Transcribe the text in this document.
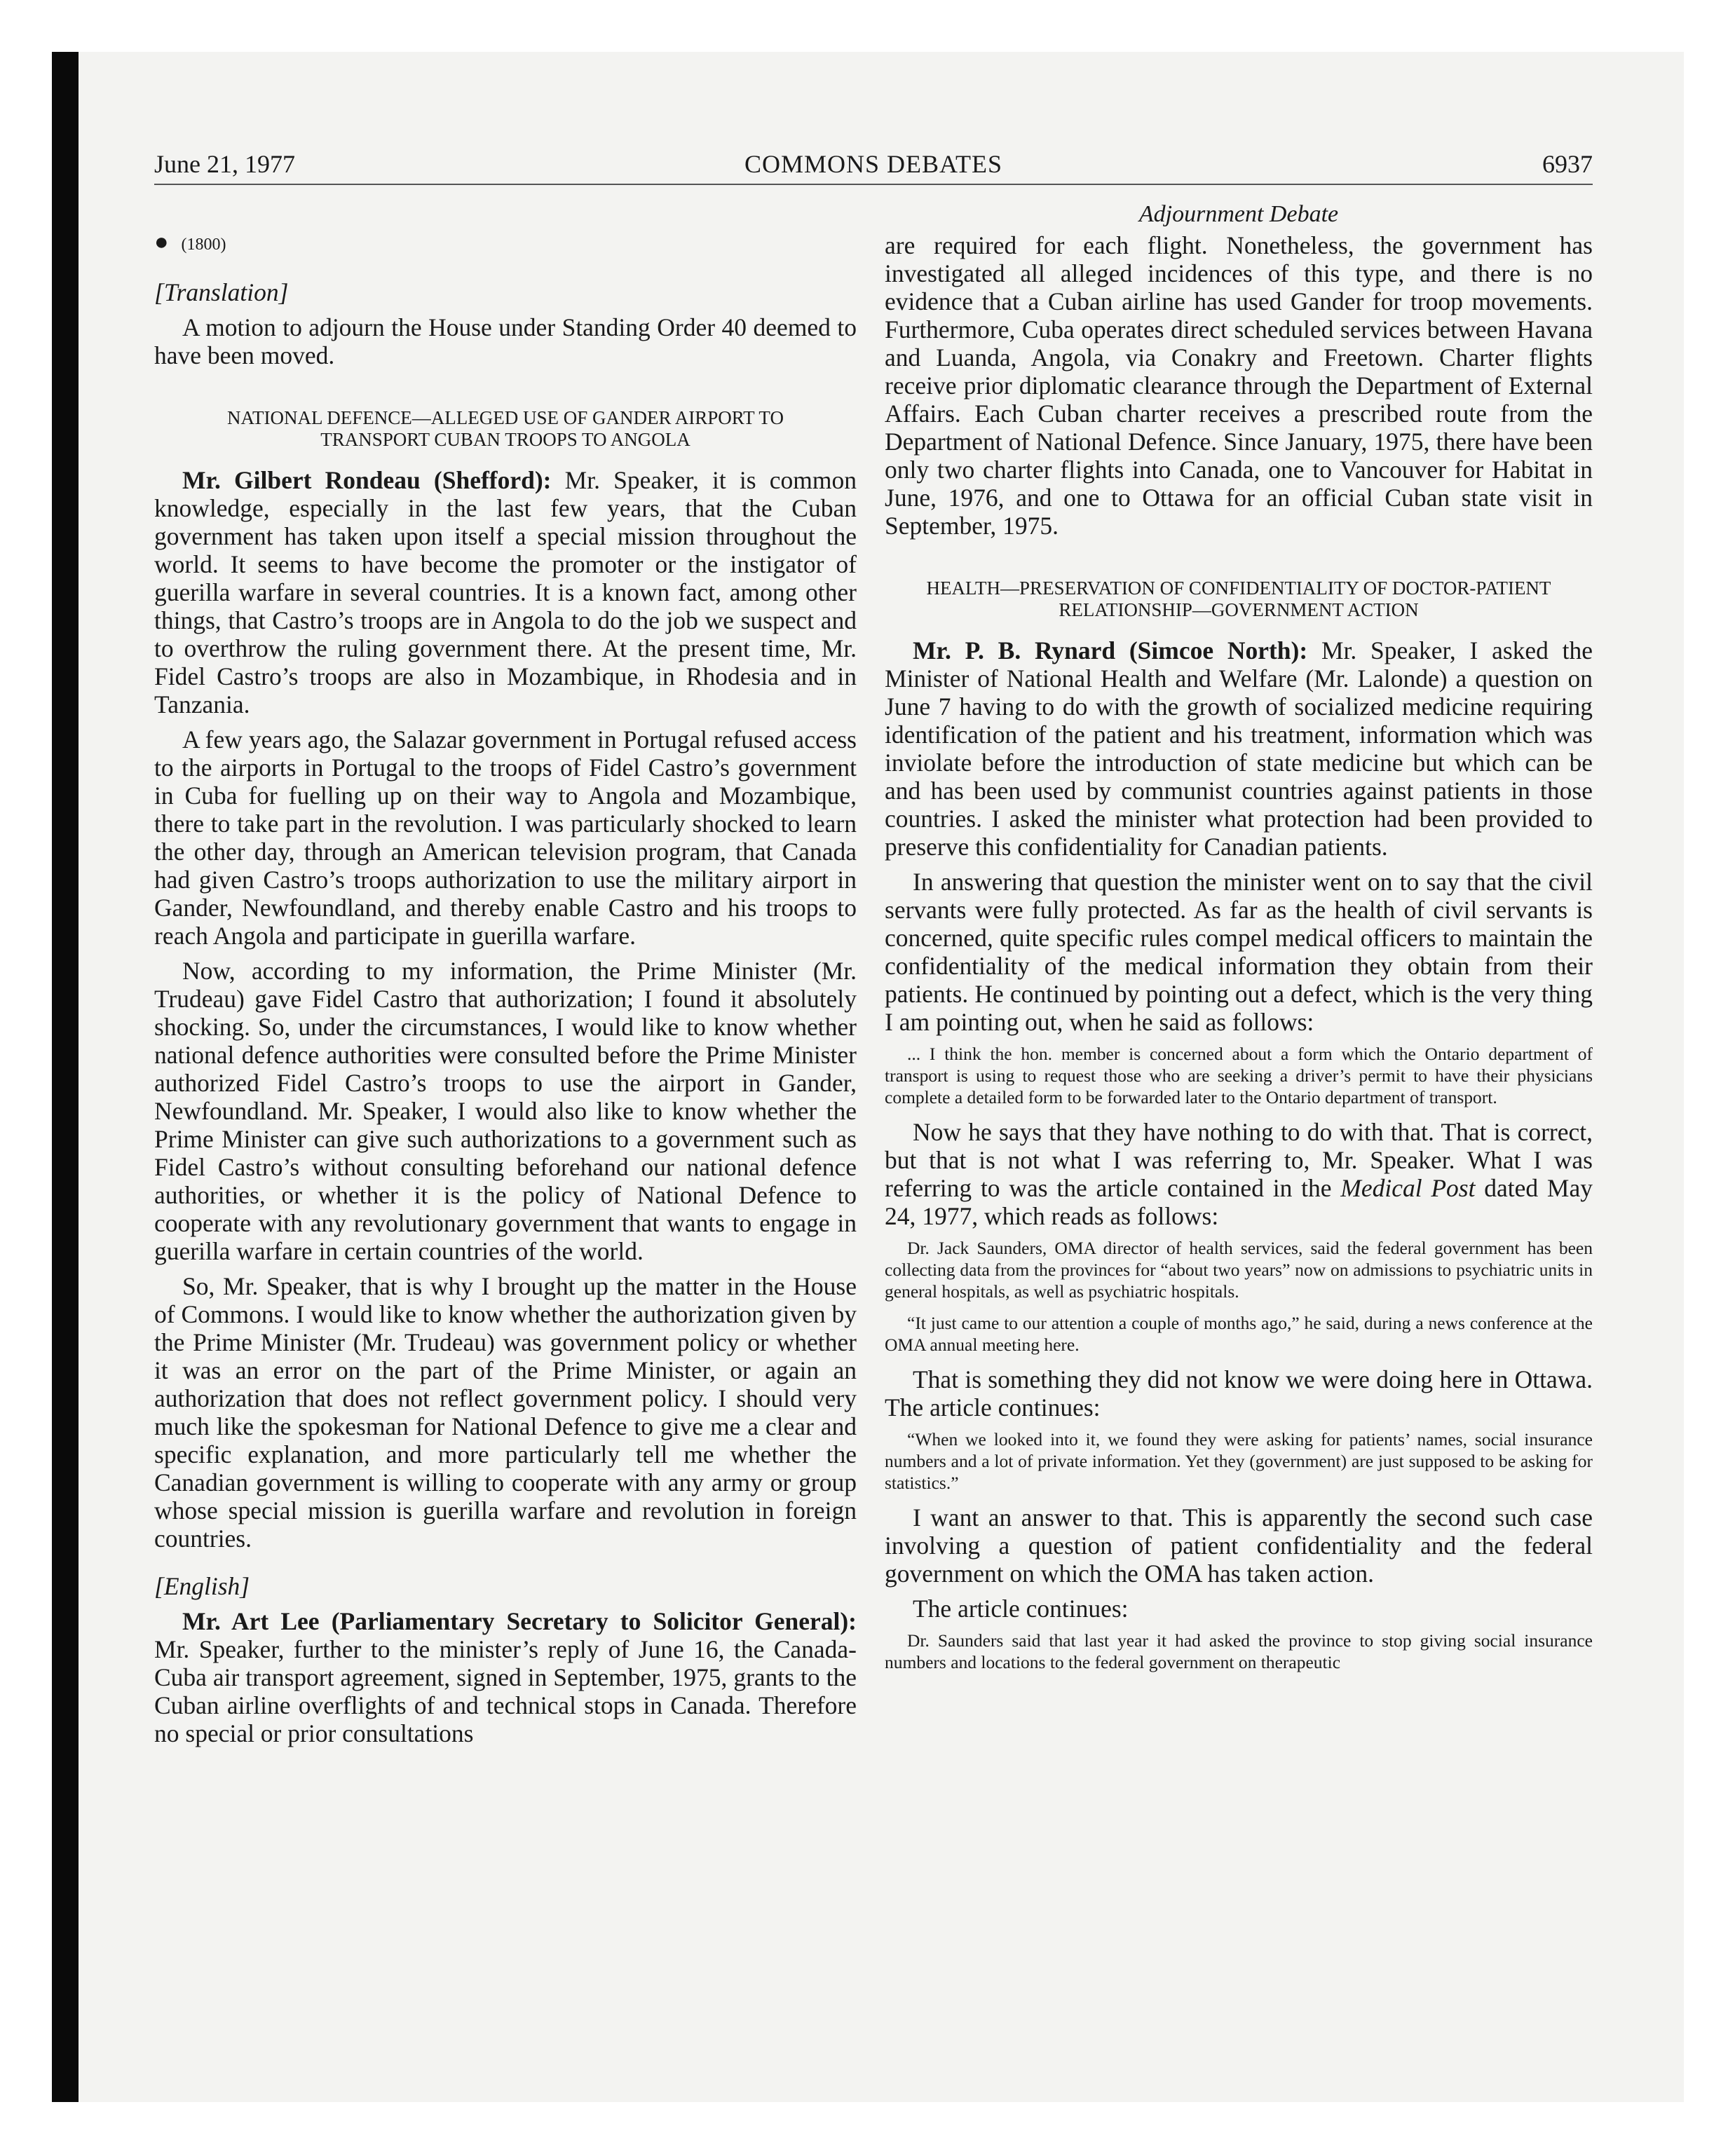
June 21, 1977	COMMONS DEBATES	6937
● (1800)
[Translation]

A motion to adjourn the House under Standing Order 40 deemed to have been moved.

NATIONAL DEFENCE—ALLEGED USE OF GANDER AIRPORT TO TRANSPORT CUBAN TROOPS TO ANGOLA

Mr. Gilbert Rondeau (Shefford): Mr. Speaker, it is common knowledge, especially in the last few years, that the Cuban government has taken upon itself a special mission throughout the world. It seems to have become the promoter or the instigator of guerilla warfare in several countries. It is a known fact, among other things, that Castro’s troops are in Angola to do the job we suspect and to overthrow the ruling government there. At the present time, Mr. Fidel Castro’s troops are also in Mozambique, in Rhodesia and in Tanzania.

A few years ago, the Salazar government in Portugal refused access to the airports in Portugal to the troops of Fidel Castro’s government in Cuba for fuelling up on their way to Angola and Mozambique, there to take part in the revolution. I was particularly shocked to learn the other day, through an American television program, that Canada had given Castro’s troops authorization to use the military airport in Gander, Newfoundland, and thereby enable Castro and his troops to reach Angola and participate in guerilla warfare.

Now, according to my information, the Prime Minister (Mr. Trudeau) gave Fidel Castro that authorization; I found it absolutely shocking. So, under the circumstances, I would like to know whether national defence authorities were consulted before the Prime Minister authorized Fidel Castro’s troops to use the airport in Gander, Newfoundland. Mr. Speaker, I would also like to know whether the Prime Minister can give such authorizations to a government such as Fidel Castro’s without consulting beforehand our national defence authorities, or whether it is the policy of National Defence to cooperate with any revolutionary government that wants to engage in guerilla warfare in certain countries of the world.

So, Mr. Speaker, that is why I brought up the matter in the House of Commons. I would like to know whether the authorization given by the Prime Minister (Mr. Trudeau) was government policy or whether it was an error on the part of the Prime Minister, or again an authorization that does not reflect government policy. I should very much like the spokesman for National Defence to give me a clear and specific explanation, and more particularly tell me whether the Canadian government is willing to cooperate with any army or group whose special mission is guerilla warfare and revolution in foreign countries.

[English]

Mr. Art Lee (Parliamentary Secretary to Solicitor General): Mr. Speaker, further to the minister’s reply of June 16, the Canada-Cuba air transport agreement, signed in September, 1975, grants to the Cuban airline overflights of and technical stops in Canada. Therefore no special or prior consultations

Adjournment Debate

are required for each flight. Nonetheless, the government has investigated all alleged incidences of this type, and there is no evidence that a Cuban airline has used Gander for troop movements. Furthermore, Cuba operates direct scheduled services between Havana and Luanda, Angola, via Conakry and Freetown. Charter flights receive prior diplomatic clearance through the Department of External Affairs. Each Cuban charter receives a prescribed route from the Department of National Defence. Since January, 1975, there have been only two charter flights into Canada, one to Vancouver for Habitat in June, 1976, and one to Ottawa for an official Cuban state visit in September, 1975.

HEALTH—PRESERVATION OF CONFIDENTIALITY OF DOCTOR-PATIENT RELATIONSHIP—GOVERNMENT ACTION

Mr. P. B. Rynard (Simcoe North): Mr. Speaker, I asked the Minister of National Health and Welfare (Mr. Lalonde) a question on June 7 having to do with the growth of socialized medicine requiring identification of the patient and his treatment, information which was inviolate before the introduction of state medicine but which can be and has been used by communist countries against patients in those countries. I asked the minister what protection had been provided to preserve this confidentiality for Canadian patients.

In answering that question the minister went on to say that the civil servants were fully protected. As far as the health of civil servants is concerned, quite specific rules compel medical officers to maintain the confidentiality of the medical information they obtain from their patients. He continued by pointing out a defect, which is the very thing I am pointing out, when he said as follows:

... I think the hon. member is concerned about a form which the Ontario department of transport is using to request those who are seeking a driver’s permit to have their physicians complete a detailed form to be forwarded later to the Ontario department of transport.

Now he says that they have nothing to do with that. That is correct, but that is not what I was referring to, Mr. Speaker. What I was referring to was the article contained in the Medical Post dated May 24, 1977, which reads as follows:

Dr. Jack Saunders, OMA director of health services, said the federal government has been collecting data from the provinces for “about two years” now on admissions to psychiatric units in general hospitals, as well as psychiatric hospitals.

“It just came to our attention a couple of months ago,” he said, during a news conference at the OMA annual meeting here.

That is something they did not know we were doing here in Ottawa. The article continues:

“When we looked into it, we found they were asking for patients’ names, social insurance numbers and a lot of private information. Yet they (government) are just supposed to be asking for statistics.”

I want an answer to that. This is apparently the second such case involving a question of patient confidentiality and the federal government on which the OMA has taken action.

The article continues:

Dr. Saunders said that last year it had asked the province to stop giving social insurance numbers and locations to the federal government on therapeutic
